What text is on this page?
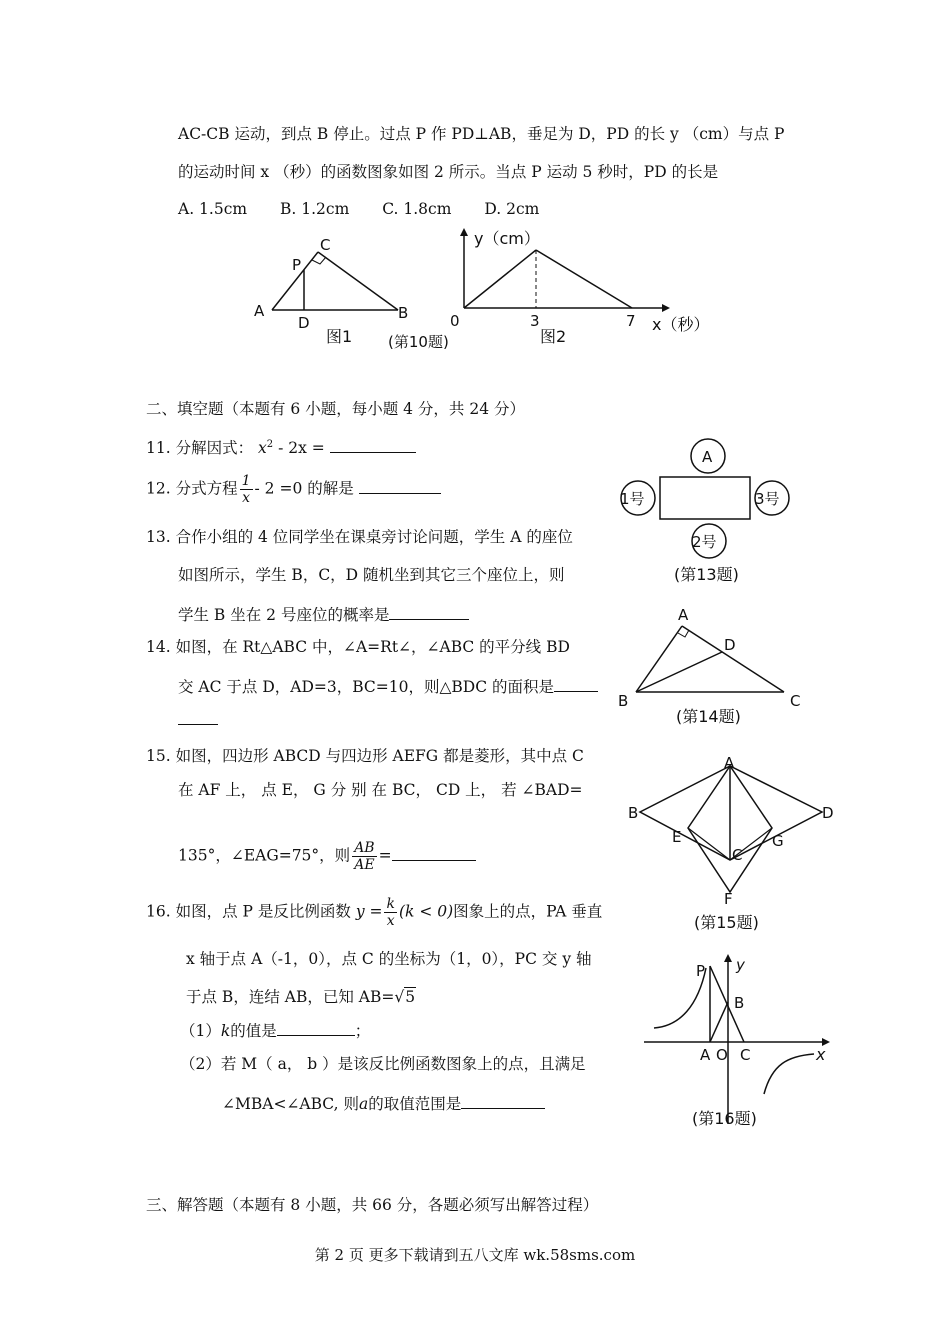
AC-CB 运动，到点 B 停止。过点 P 作 PD⊥AB，垂足为 D，PD 的长 y （cm）与点 P
的运动时间 x （秒）的函数图象如图 2 所示。当点 P 运动 5 秒时，PD 的长是
A. 1.5cm B. 1.2cm C. 1.8cm D. 2cm
A	B
C
P
D
图1 (第10题)
y（cm）
0	3	7 x（秒）
图2
二、填空题（本题有 6 小题，每小题 4 分，共 24 分）
11. 分解因式： $x^2 - 2x$ =
12. 分式方程 $\frac{1}{x} - 2 =0$ 的解是
13. 合作小组的 4 位同学坐在课桌旁讨论问题，学生 A 的座位
如图所示，学生 B，C，D 随机坐到其它三个座位上，则
学生 B 坐在 2 号座位的概率是
A
1号	3号
2号
(第13题)
14. 如图，在 Rt△ABC 中，∠A=Rt∠，∠ABC 的平分线 BD
交 AC 于点 D，AD=3，BC=10，则△BDC 的面积是
A
D
B	C
(第14题)
15. 如图，四边形 ABCD 与四边形 AEFG 都是菱形，其中点 C
在 AF 上， 点 E， G 分 别 在 BC， CD 上， 若 ∠BAD=
135°，∠EAG=75°，则 $\frac{AB}{AE}$ =
A
B	D
E	G
C
F
(第15题)
16. 如图，点 P 是反比例函数 $y = \frac{k}{x} (k < 0)$图象上的点，PA 垂直
x 轴于点 A（-1，0），点 C 的坐标为（1，0），PC 交 y 轴
于点 B，连结 AB，已知 AB=√5
（1）k的值是	；
（2）若 M（ a， b ）是该反比例函数图象上的点，且满足
∠MBA<∠ABC, 则a的取值范围是
P y
B
A O C	x
(第16题)
三、解答题（本题有 8 小题，共 66 分，各题必须写出解答过程）
第 2 页 更多下载请到五八文库 wk.58sms.com
